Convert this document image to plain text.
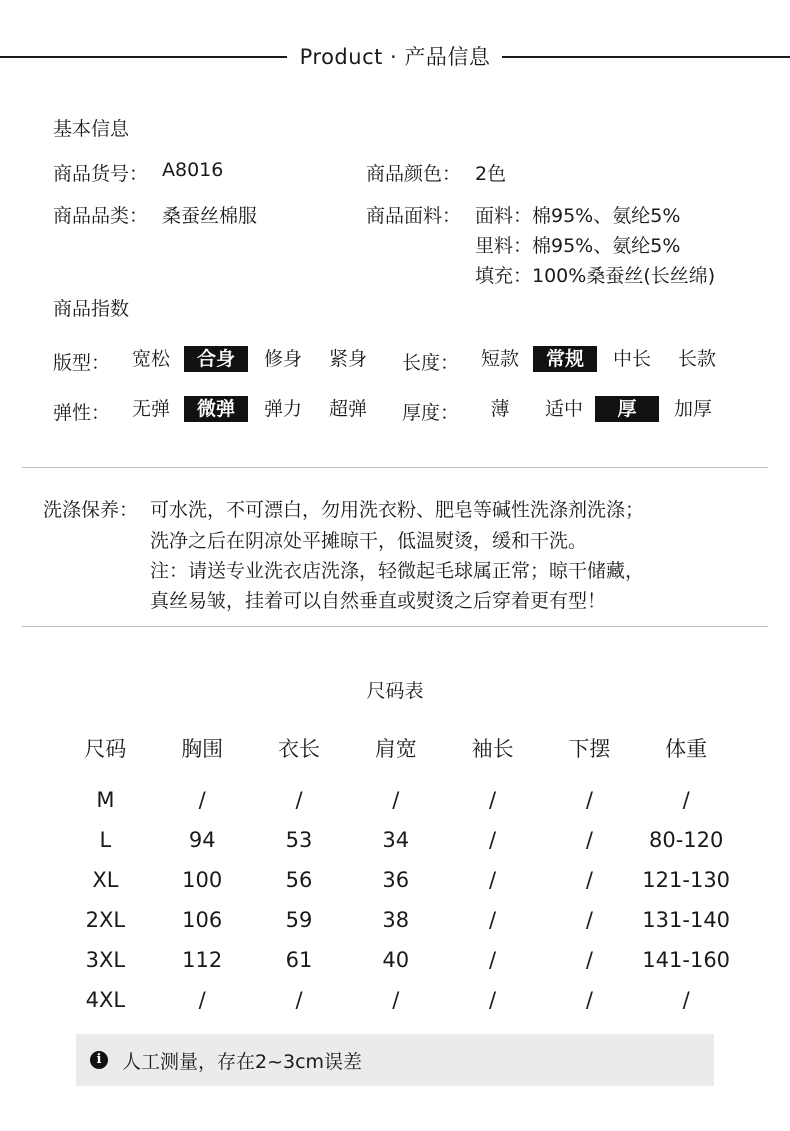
Product · 产品信息
基本信息
商品货号： A8016	商品颜色： 2色
商品品类： 桑蚕丝棉服	商品面料： 面料：棉95%、氨纶5%
里料：棉95%、氨纶5%
填充：100%桑蚕丝(长丝绵)
商品指数
版型：	宽松	合身	修身	紧身	长度：	短款	常规	中长	长款
弹性：	无弹	微弹	弹力	超弹	厚度：	薄	适中	厚	加厚
洗涤保养： 可水洗，不可漂白，勿用洗衣粉、肥皂等碱性洗涤剂洗涤；
洗净之后在阴凉处平摊晾干，低温熨烫，缓和干洗。
注：请送专业洗衣店洗涤，轻微起毛球属正常；晾干储藏，
真丝易皱，挂着可以自然垂直或熨烫之后穿着更有型！
尺码表
尺码	胸围	衣长	肩宽	袖长	下摆	体重

M	/	/	/	/	/	/
L	94	53	34	/	/	80-120
XL	100	56	36	/	/	121-130
2XL	106	59	38	/	/	131-140
3XL	112	61	40	/	/	141-160
4XL	/	/	/	/	/	/
i	人工测量，存在2~3cm误差
